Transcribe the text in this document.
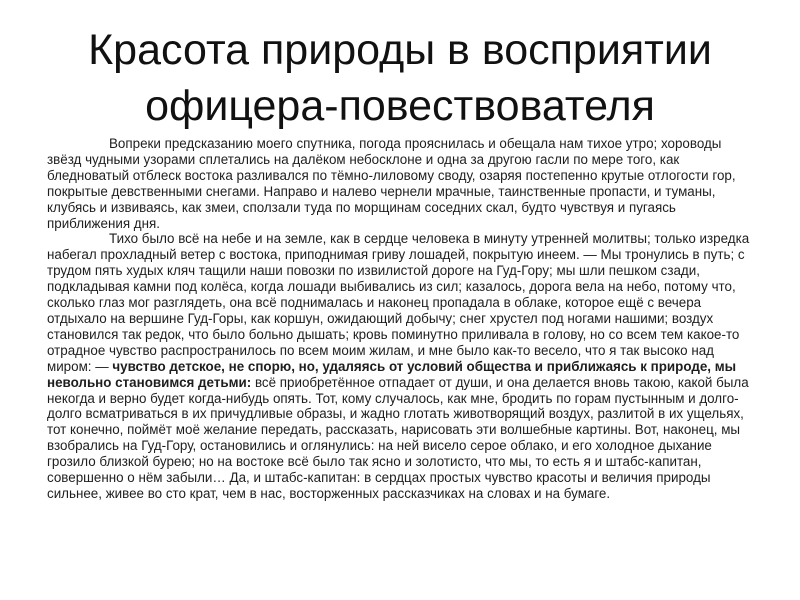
Красота природы в восприятии
офицера-повествователя

Вопреки предсказанию моего спутника, погода прояснилась и обещала нам тихое утро; хороводы звёзд чудными узорами сплетались на далёком небосклоне и одна за другою гасли по мере того, как бледноватый отблеск востока разливался по тёмно-лиловому своду, озаряя постепенно крутые отлогости гор, покрытые девственными снегами. Направо и налево чернели мрачные, таинственные пропасти, и туманы, клубясь и извиваясь, как змеи, сползали туда по морщинам соседних скал, будто чувствуя и пугаясь приближения дня.

Тихо было всё на небе и на земле, как в сердце человека в минуту утренней молитвы; только изредка набегал прохладный ветер с востока, приподнимая гриву лошадей, покрытую инеем. — Мы тронулись в путь; с трудом пять худых кляч тащили наши повозки по извилистой дороге на Гуд-Гору; мы шли пешком сзади, подкладывая камни под колёса, когда лошади выбивались из сил; казалось, дорога вела на небо, потому что, сколько глаз мог разглядеть, она всё поднималась и наконец пропадала в облаке, которое ещё с вечера отдыхало на вершине Гуд-Горы, как коршун, ожидающий добычу; снег хрустел под ногами нашими; воздух становился так редок, что было больно дышать; кровь поминутно приливала в голову, но со всем тем какое-то отрадное чувство распространилось по всем моим жилам, и мне было как-то весело, что я так высоко над миром: — чувство детское, не спорю, но, удаляясь от условий общества и приближаясь к природе, мы невольно становимся детьми: всё приобретённое отпадает от души, и она делается вновь такою, какой была некогда и верно будет когда-нибудь опять. Тот, кому случалось, как мне, бродить по горам пустынным и долго-долго всматриваться в их причудливые образы, и жадно глотать животворящий воздух, разлитой в их ущельях, тот конечно, поймёт моё желание передать, рассказать, нарисовать эти волшебные картины. Вот, наконец, мы взобрались на Гуд-Гору, остановились и оглянулись: на ней висело серое облако, и его холодное дыхание грозило близкой бурею; но на востоке всё было так ясно и золотисто, что мы, то есть я и штабс-капитан, совершенно о нём забыли… Да, и штабс-капитан: в сердцах простых чувство красоты и величия природы сильнее, живее во сто крат, чем в нас, восторженных рассказчиках на словах и на бумаге.
